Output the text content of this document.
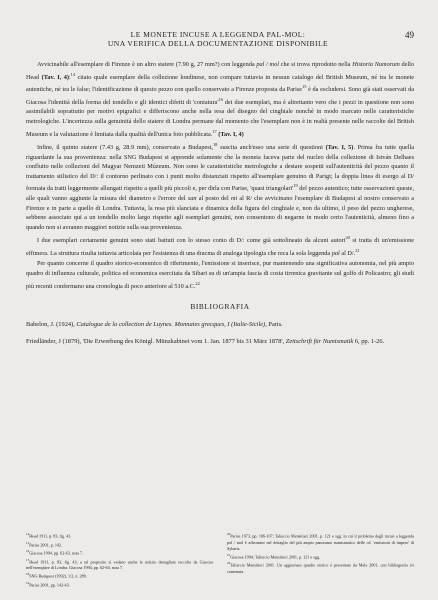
LE MONETE INCUSE A LEGGENDA PAL-MOL:
UNA VERIFICA DELLA DOCUMENTAZIONE DISPONIBILE
49

Avvicinabile all'esemplare di Firenze è un altro statere (7.90 g, 27 mm?) con leggenda pal / mol che si trova riprodotto nella Historia Numorum dello Head (Tav. I, 4):$^{14}$ citato quale esemplare della collezione londinese, non compare tuttavia in nessun catalogo del British Museum, né tra le monete autentiche, né tra le false; l'identificazione di questo pezzo con quello conservato a Firenze proposta da Parise$^{15}$ è da escludersi. Sono già stati osservati da Giacosa l'identità della forma del tondello e gli identici difetti di '$coniatura'^{16}$ dei due esemplari, ma è altrettanto vero che i pezzi in questione non sono assimilabili soprattutto per motivi epigrafici e differiscono anche nella resa del disegno del cinghiale nonché in modo marcato nelle caratteristiche metrologiche. L'incertezza sulla genuinità dello statere di Londra permane dal momento che l'esemplare non è in realtà presente nelle raccolte del British Museum e la valutazione è limitata dalla qualità dell'unica foto pubblicata.$^{17}$ (Tav. I, 4)

Infine, il quinto statere (7.43 g, 28.9 mm), conservato a Budapest,$^{18}$ suscita anch'esso una serie di questioni (Tav. I, 5). Prima fra tutte quella riguardante la sua provenienza: nella SNG Budapest si apprende solamente che la moneta faceva parte del nucleo della collezione di István Delhaes confluito nelle collezioni del Magyar Nemzeti Múzeum. Non sono le caratteristiche metrologiche a destare sospetti sull'autenticità del pezzo quanto il trattamento stilistico del D/: il contorno perlinato con i punti molto distanziati rispetto all'esemplare genuino di Parigi; la doppia linea di esergo al D/ formata da tratti leggermente allungati rispetto a quelli più piccoli e, per dirla con Parise, 'quasi $triangolari'^{19}$ del pezzo autentico; tutte osservazioni queste, alle quali vanno aggiunte la misura del diametro e l'errore del san al posto del mi al R/ che avvicinano l'esemplare di Budapest al nostro conservato a Firenze e in parte a quello di Londra. Tuttavia, la resa più slanciata e dinamica della figura del cinghiale e, non da ultimo, il peso del pezzo ungherese, sebbene associato qui a un tondello molto largo rispetto agli esemplari genuini, non consentono di negarne in modo certo l'autenticità, almeno fino a quando non si avranno maggiori notizie sulla sua provenienza.

I due esemplari certamente genuini sono stati battuti con lo stesso conio di D/: come già sottolineato da alcuni autori$^{20}$ si tratta di un'emissione effimera. La struttura risulta tuttavia articolata per l'esistenza di una dracma di analoga tipologia che reca la sola leggenda pal al D/.$^{21}$

Per quanto concerne il quadro storico-economico di riferimento, l'emissione si inserisce, pur mantenendo una significativa autonomia, nel più ampio quadro di influenza culturale, politica ed economica esercitata da Sibari su di un'ampia fascia di costa tirrenica gravitante sul golfo di Policastro; gli studi più recenti confermano una cronologia di poco anteriore al 510 a.C.$^{22}$

BIBLIOGRAFIA

Babelon, J. (1924), Catalogue de la collection de Luynes. Monnaies grecques, I (Italie-Sicile), Paris.

Friedländer, J (1879), 'Die Erwerbung des Königl. Münzkabinet vom 1. Jan. 1877 bis 31 März 1878', Zeitschrift für Numismatik 6, pp. 1-26.

$^{14}$Head 1911, p. 83, fig. 43.

$^{15}$Parise 2001, p. 142.

$^{16}$Giacosa 1994, pp. 62-63, nota 7.

$^{17}$Head 1911, p. 83, fig. 43; a tal proposito si vedano anche le notizie dettagliate raccolte da Giacosa nell'esemplare di Londra. Giacosa 1994, pp. 62-63, nota 7.

$^{18}$SNG Budapest (1992), 1/2, n. 289.

$^{19}$Parise 2001, pp. 142-43.

$^{20}$Parise 1973, pp. 106-107; Taliercio Mensitieri 2001, p. 121 e sgg. in cui il problema degli incusi a leggenda pal / mol è affrontato nel dettaglio del più ampio panorama numismatico delle cd. 'emissioni di impero' di Sybaris.

$^{21}$Giacosa 1994; Taliercio Mensitieri 2001, p. 121 e sgg.

$^{22}$Taliercio Mensitieri 2001. Un aggiornato quadro storico è presentato da Mele 2001, con bibliografia ivi contenuta.
